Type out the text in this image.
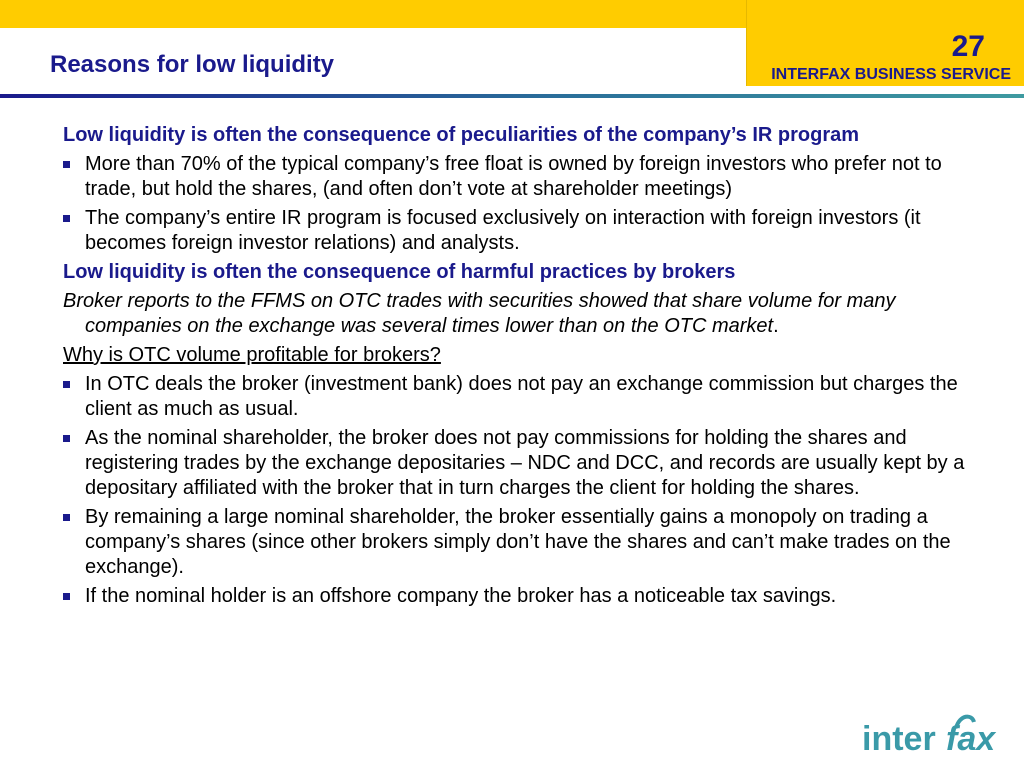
Reasons for low liquidity
27
INTERFAX BUSINESS SERVICE

Low liquidity is often the consequence of peculiarities of the company’s IR program

More than 70% of the typical company’s free float is owned by foreign investors who prefer not to trade, but hold the shares, (and often don’t vote at shareholder meetings)
The company’s entire IR program is focused exclusively on interaction with foreign investors (it becomes foreign investor relations) and analysts.

Low liquidity is often the consequence of harmful practices by brokers

Broker reports to the FFMS on OTC trades with securities showed that share volume for many companies on the exchange was several times lower than on the OTC market.

Why is OTC volume profitable for brokers?

In OTC deals the broker (investment bank) does not pay an exchange commission but charges the client as much as usual.
As the nominal shareholder, the broker does not pay commissions for holding the shares and registering trades by the exchange depositaries – NDC and DCC, and records are usually kept by a depositary affiliated with the broker that in turn charges the client for holding the shares.
By remaining a large nominal shareholder, the broker essentially gains a monopoly on trading a company’s shares (since other brokers simply don’t have the shares and can’t make trades on the exchange).
If the nominal holder is an offshore company the broker has a noticeable tax savings.
inter fax
